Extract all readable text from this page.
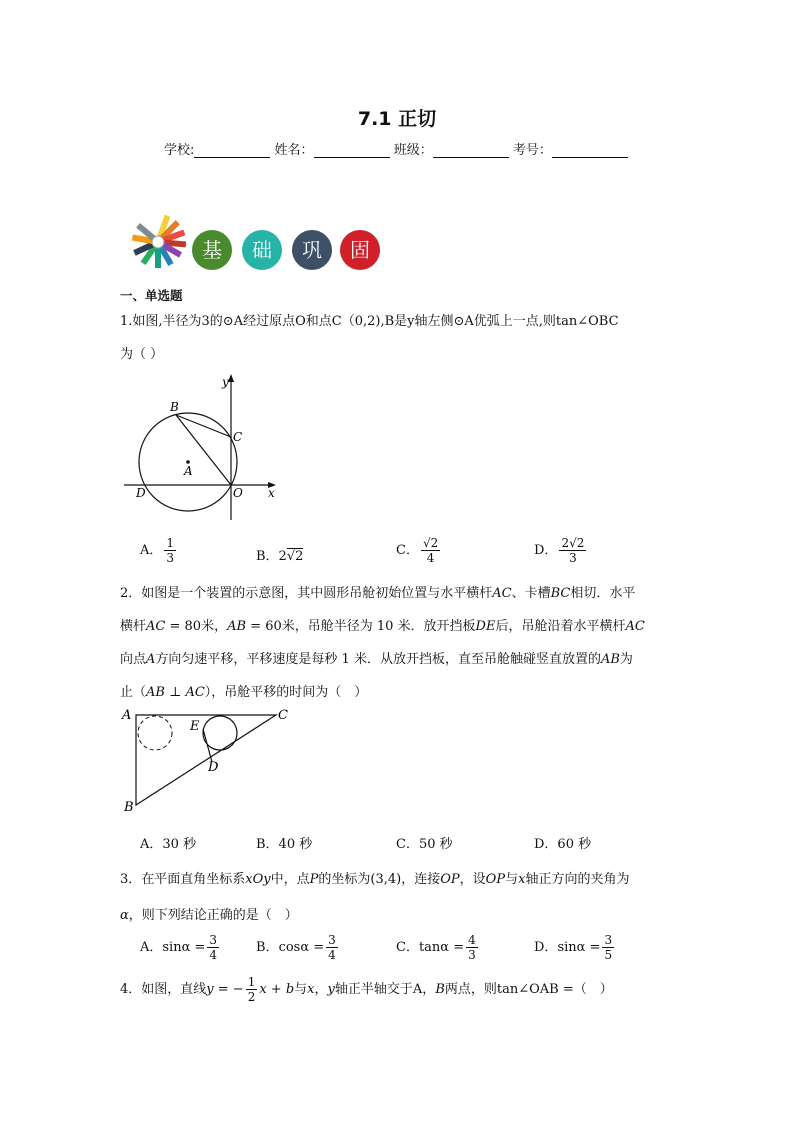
7.1 正切
学校:	姓名：	班级：	考号：
基	础	巩	固
一、单选题
1.如图,半径为3的⊙A经过原点O和点C（0,2),B是y轴左侧⊙A优弧上一点,则tan∠OBC
为（ ）
y
x
B
C
A
D	O
A． $\frac{1}{3}$	B．2√2	C． $\frac{√2}{4}$	D． $\frac{2√2}{3}$
2．如图是一个装置的示意图，其中圆形吊舱初始位置与水平横杆AC、卡槽BC相切．水平
横杆AC = 80米，AB = 60米，吊舱半径为 10 米．放开挡板DE后，吊舱沿着水平横杆AC
向点A方向匀速平移，平移速度是每秒 1 米．从放开挡板，直至吊舱触碰竖直放置的AB为
止（AB ⊥ AC），吊舱平移的时间为（　）
A	C
E
D
B
A．30 秒	B．40 秒	C．50 秒	D．60 秒
3．在平面直角坐标系xOy中，点P的坐标为(3,4)，连接OP，设OP与x轴正方向的夹角为
α，则下列结论正确的是（　）
A．$\sin\alpha = \frac{3}{4}$	B．$\cos\alpha = \frac{3}{4}$	C．$\tan\alpha = \frac{4}{3}$	D．$\sin\alpha = \frac{3}{5}$
4．如图，直线y = − $\frac{1}{2}$ x + b与x，y轴正半轴交于A，B两点，则tan∠OAB =（　）
